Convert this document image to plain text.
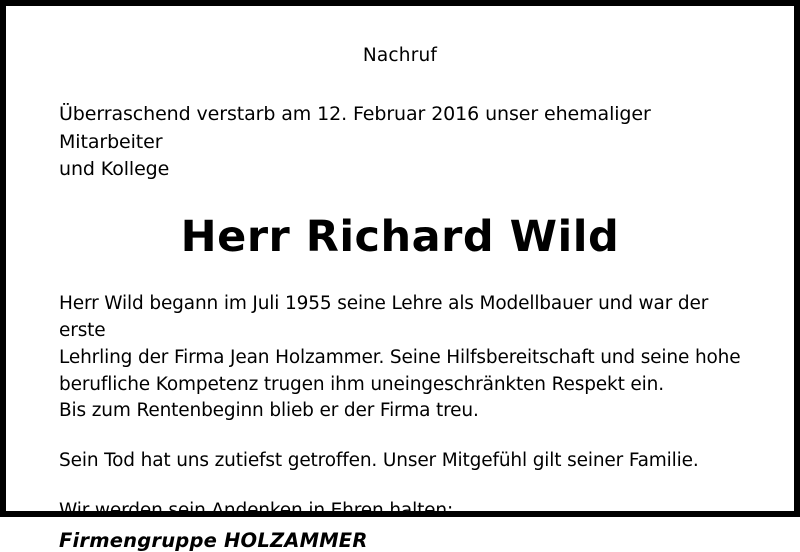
Nachruf
Überraschend verstarb am 12. Februar 2016 unser ehemaliger Mitarbeiter
und Kollege
Herr Richard Wild
Herr Wild begann im Juli 1955 seine Lehre als Modellbauer und war der erste
Lehrling der Firma Jean Holzammer. Seine Hilfsbereitschaft und seine hohe
berufliche Kompetenz trugen ihm uneingeschränkten Respekt ein.
Bis zum Rentenbeginn blieb er der Firma treu.
Sein Tod hat uns zutiefst getroffen. Unser Mitgefühl gilt seiner Familie.
Wir werden sein Andenken in Ehren halten:
Firmengruppe HOLZAMMER
